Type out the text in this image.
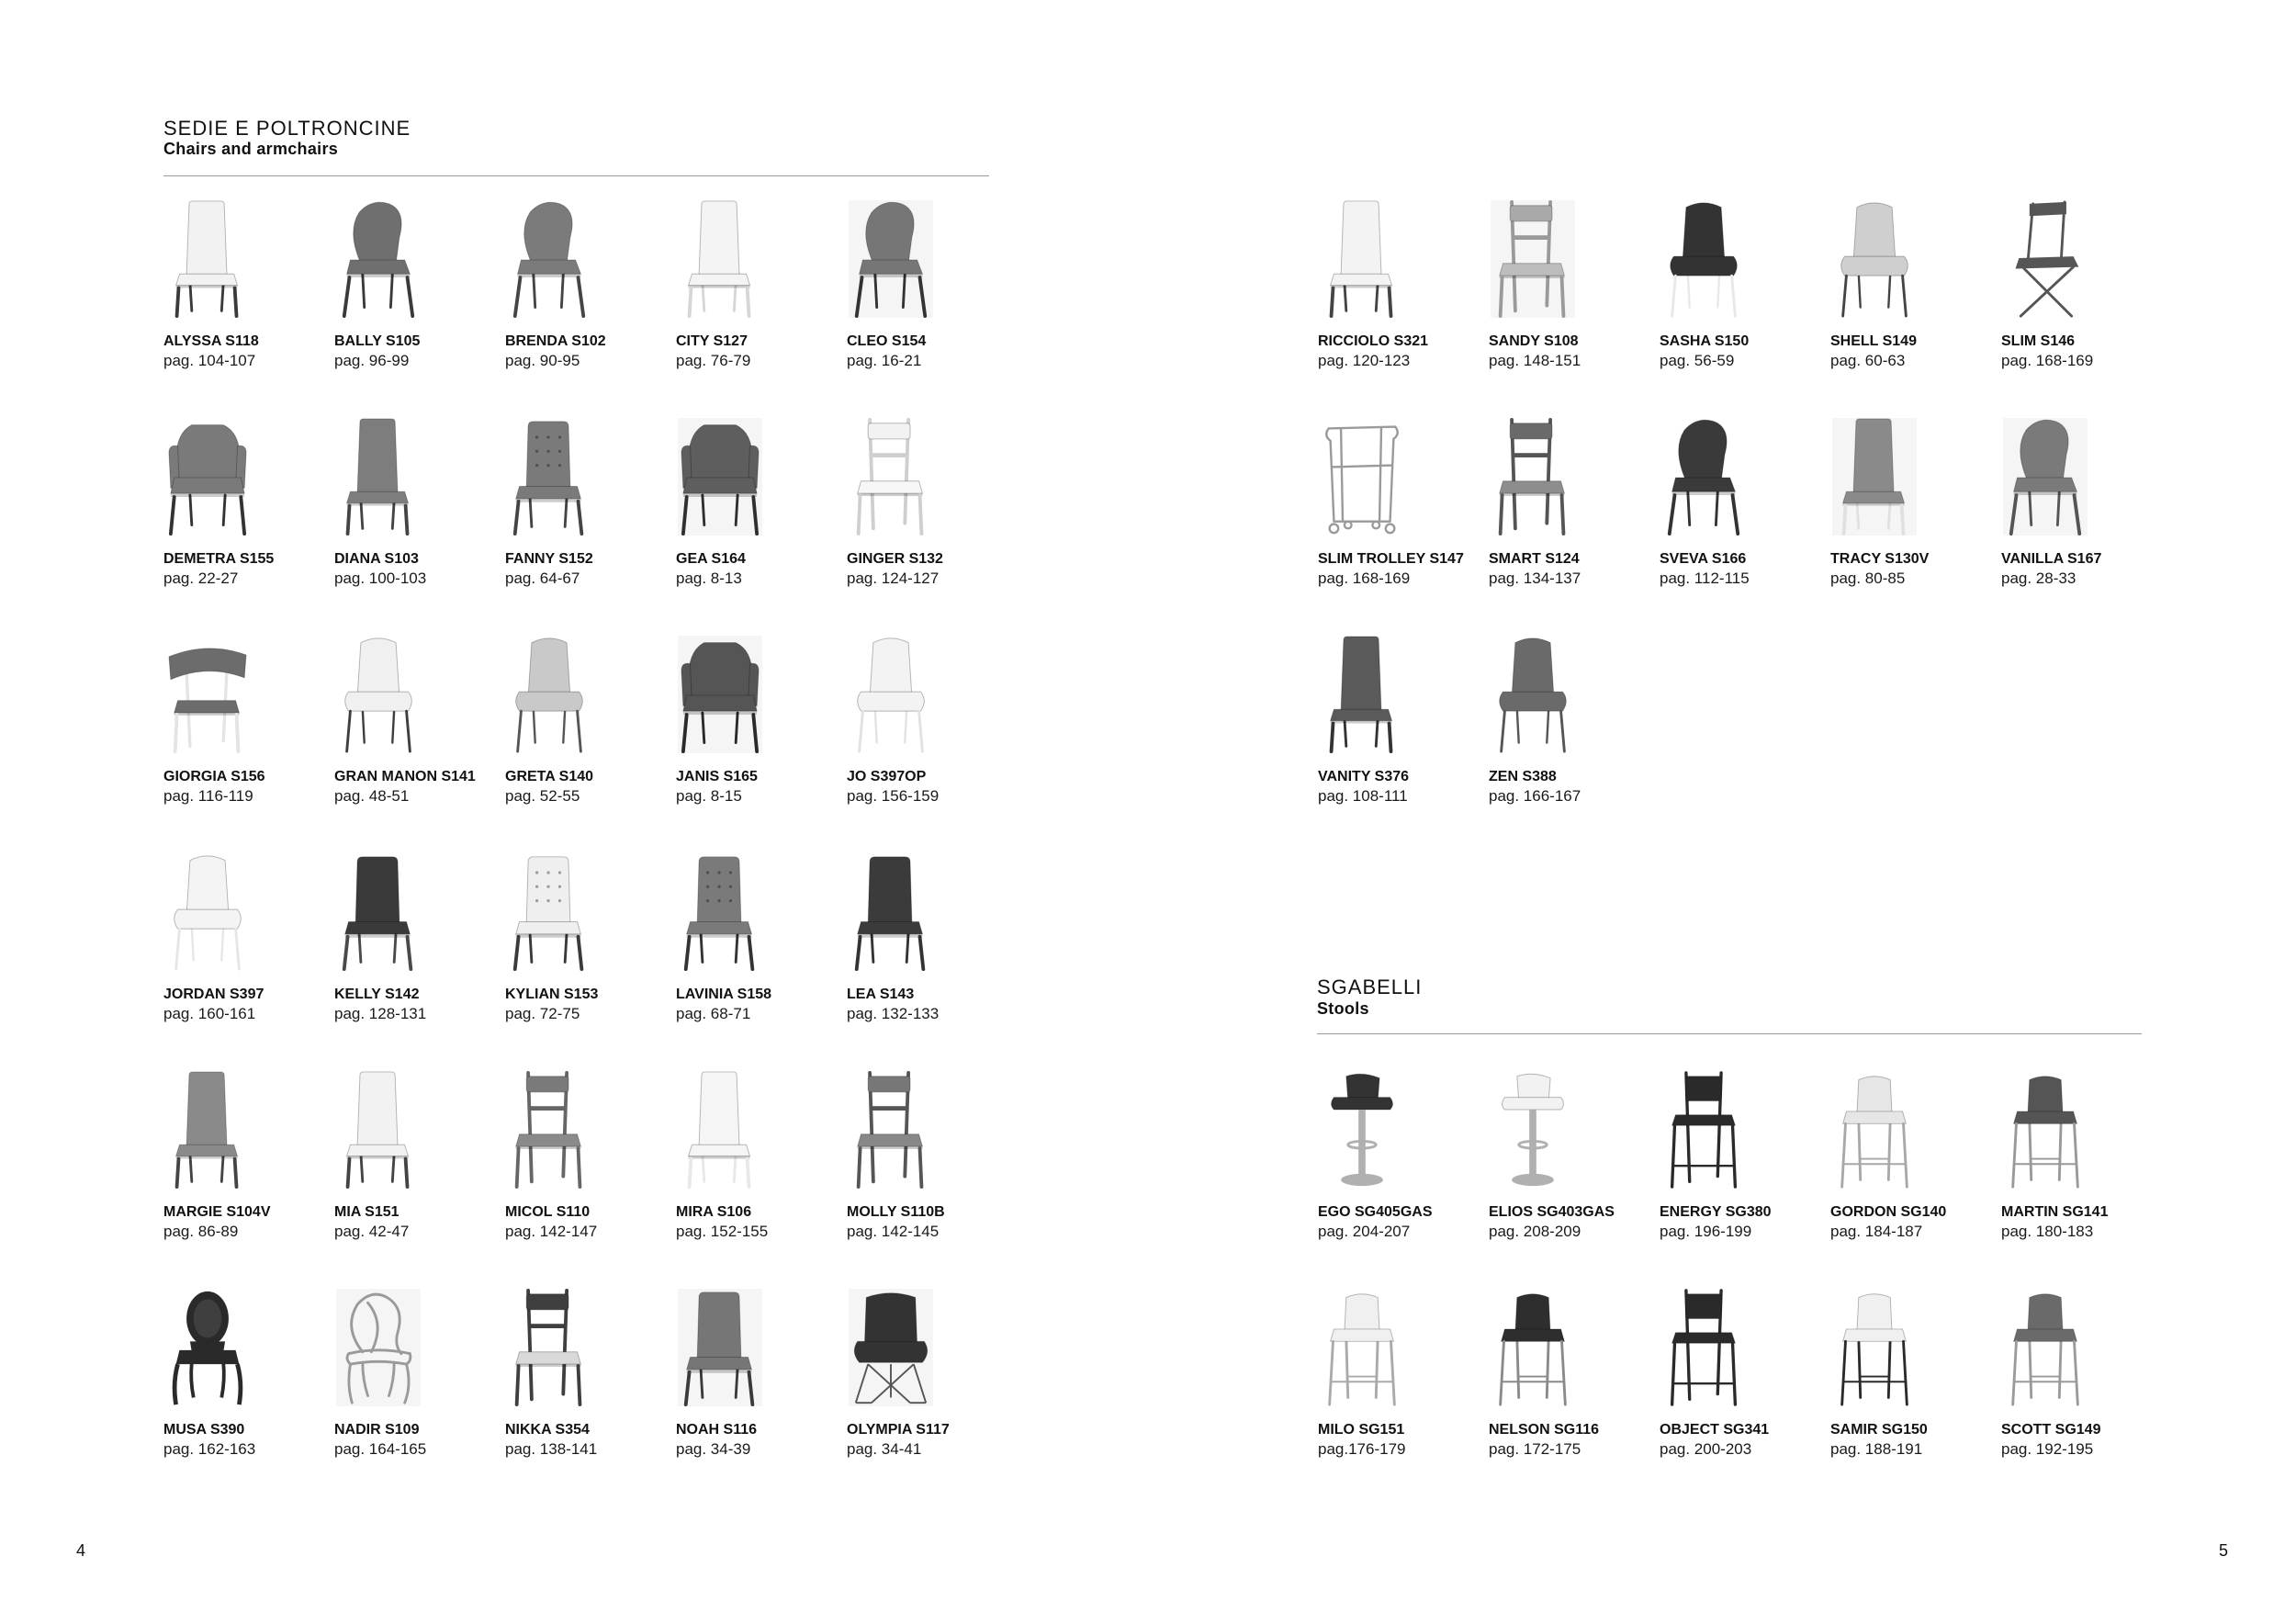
SEDIE E POLTRONCINE
Chairs and armchairs
ALYSSA S118
pag. 104-107
BALLY S105
pag. 96-99
BRENDA S102
pag. 90-95
CITY S127
pag. 76-79
CLEO S154
pag. 16-21
DEMETRA S155
pag. 22-27
DIANA S103
pag. 100-103
FANNY S152
pag. 64-67
GEA S164
pag. 8-13
GINGER S132
pag. 124-127
GIORGIA S156
pag. 116-119
GRAN MANON S141
pag. 48-51
GRETA S140
pag. 52-55
JANIS S165
pag. 8-15
JO S397OP
pag. 156-159
JORDAN S397
pag. 160-161
KELLY S142
pag. 128-131
KYLIAN S153
pag. 72-75
LAVINIA S158
pag. 68-71
LEA S143
pag. 132-133
MARGIE S104V
pag. 86-89
MIA S151
pag. 42-47
MICOL S110
pag. 142-147
MIRA S106
pag. 152-155
MOLLY S110B
pag. 142-145
MUSA S390
pag. 162-163
NADIR S109
pag. 164-165
NIKKA S354
pag. 138-141
NOAH S116
pag. 34-39
OLYMPIA S117
pag. 34-41
RICCIOLO S321
pag. 120-123
SANDY S108
pag. 148-151
SASHA S150
pag. 56-59
SHELL S149
pag. 60-63
SLIM S146
pag. 168-169
SLIM TROLLEY S147
pag. 168-169
SMART S124
pag. 134-137
SVEVA S166
pag. 112-115
TRACY S130V
pag. 80-85
VANILLA S167
pag. 28-33
VANITY S376
pag. 108-111
ZEN S388
pag. 166-167
SGABELLI
Stools
EGO SG405GAS
pag. 204-207
ELIOS SG403GAS
pag. 208-209
ENERGY SG380
pag. 196-199
GORDON SG140
pag. 184-187
MARTIN SG141
pag. 180-183
MILO SG151
pag.176-179
NELSON SG116
pag. 172-175
OBJECT SG341
pag. 200-203
SAMIR SG150
pag. 188-191
SCOTT SG149
pag. 192-195
4	5
